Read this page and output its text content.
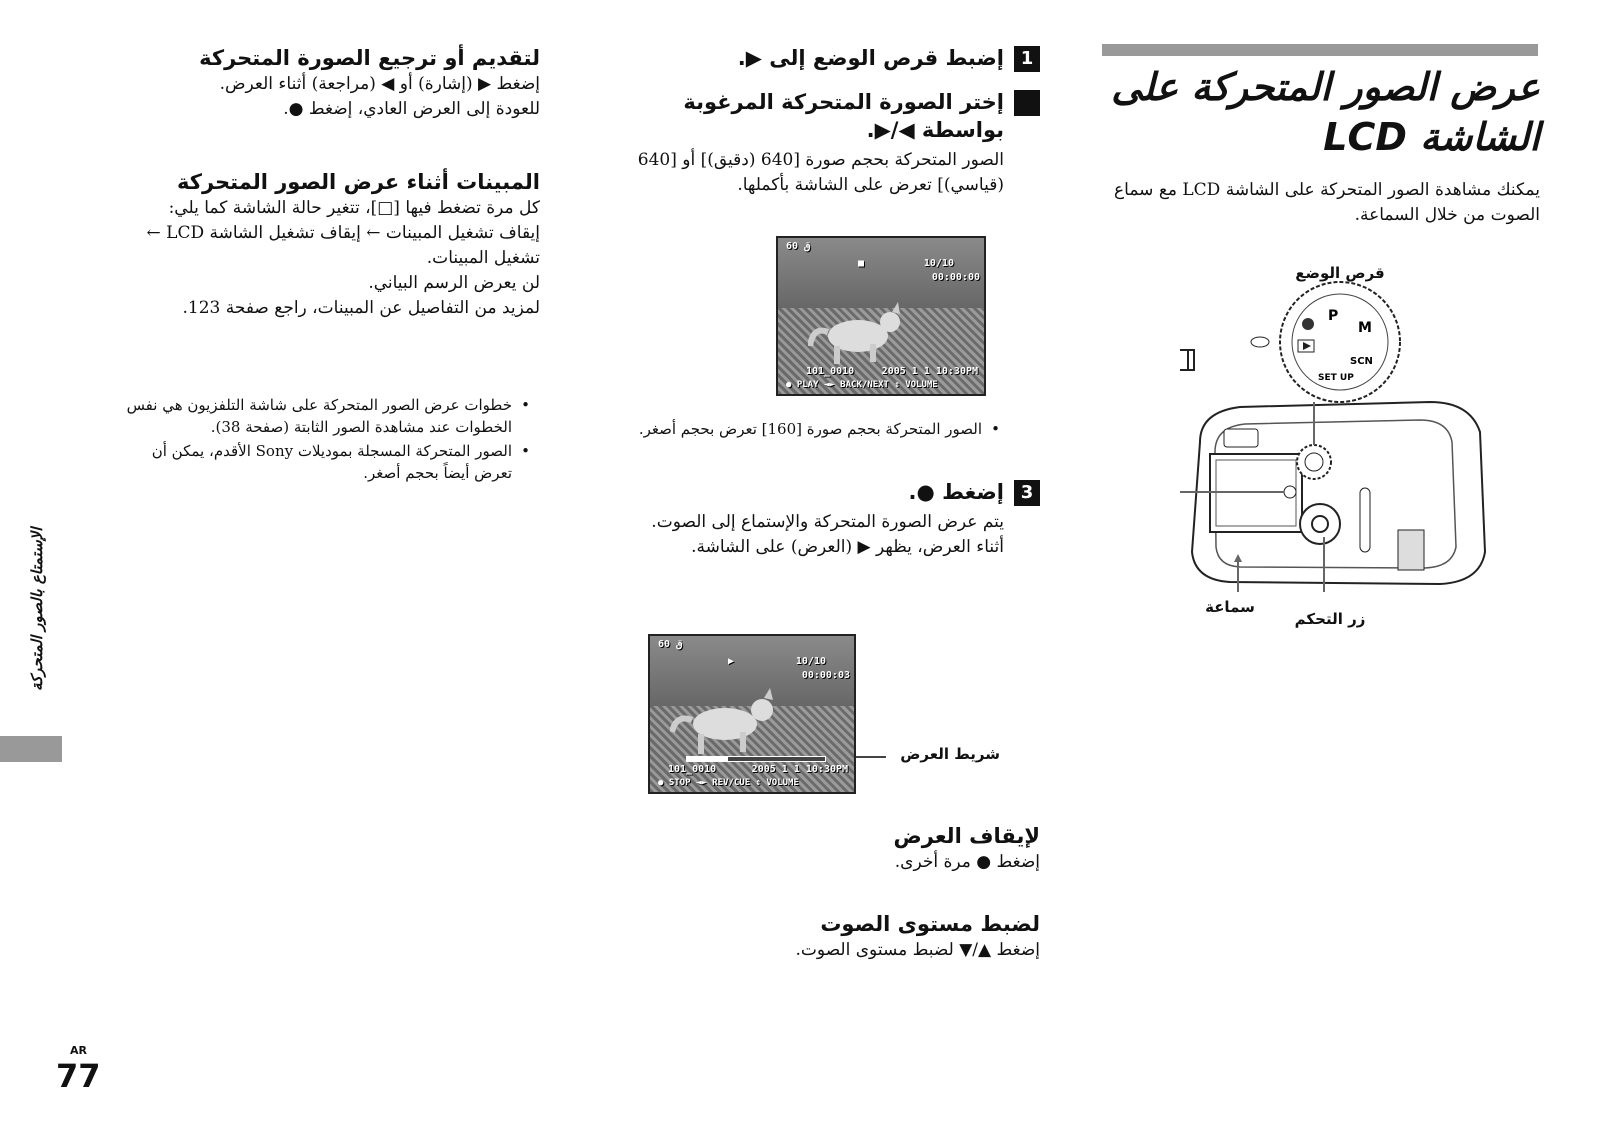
عرض الصور المتحركة على الشاشة LCD

يمكنك مشاهدة الصور المتحركة على الشاشة LCD مع سماع الصوت من خلال السماعة.

قرص الوضع
P
M
SCN
SET UP
سماعة
زر التحكم
1إضبط قرص الوضع إلى ▶.
2إختر الصورة المتحركة المرغوبة بواسطة ◀/▶.

الصور المتحركة بحجم صورة [640 (دقيق)] أو [640 (قياسي)] تعرض على الشاشة بأكملها.

60 ق
10/10
00:00:00
■
101_0010	2005 1 1 10:30PM
● PLAY ◄► BACK/NEXT ⇕ VOLUME
• الصور المتحركة بحجم صورة [160] تعرض بحجم أصغر.
3إضغط ●.

يتم عرض الصورة المتحركة والإستماع إلى الصوت.

أثناء العرض، يظهر ▶ (العرض) على الشاشة.

60 ق
▶	10/10
00:00:03
101_0010	2005 1 1 10:30PM
● STOP ◄► REV/CUE ⇕ VOLUME
شريط العرض
لإيقاف العرض

إضغط ● مرة أخرى.

لضبط مستوى الصوت

إضغط ▲/▼ لضبط مستوى الصوت.

لتقديم أو ترجيع الصورة المتحركة

إضغط ▶ (إشارة) أو ◀ (مراجعة) أثناء العرض.

للعودة إلى العرض العادي، إضغط ●.

المبينات أثناء عرض الصور المتحركة

كل مرة تضغط فيها [□]، تتغير حالة الشاشة كما يلي:

إيقاف تشغيل المبينات ← إيقاف تشغيل الشاشة LCD ← تشغيل المبينات.

لن يعرض الرسم البياني.

لمزيد من التفاصيل عن المبينات، راجع صفحة 123.

• خطوات عرض الصور المتحركة على شاشة التلفزيون هي نفس الخطوات عند مشاهدة الصور الثابتة (صفحة 38).
• الصور المتحركة المسجلة بموديلات Sony الأقدم، يمكن أن تعرض أيضاً بحجم أصغر.
الإستمتاع بالصور المتحركة
AR
77
